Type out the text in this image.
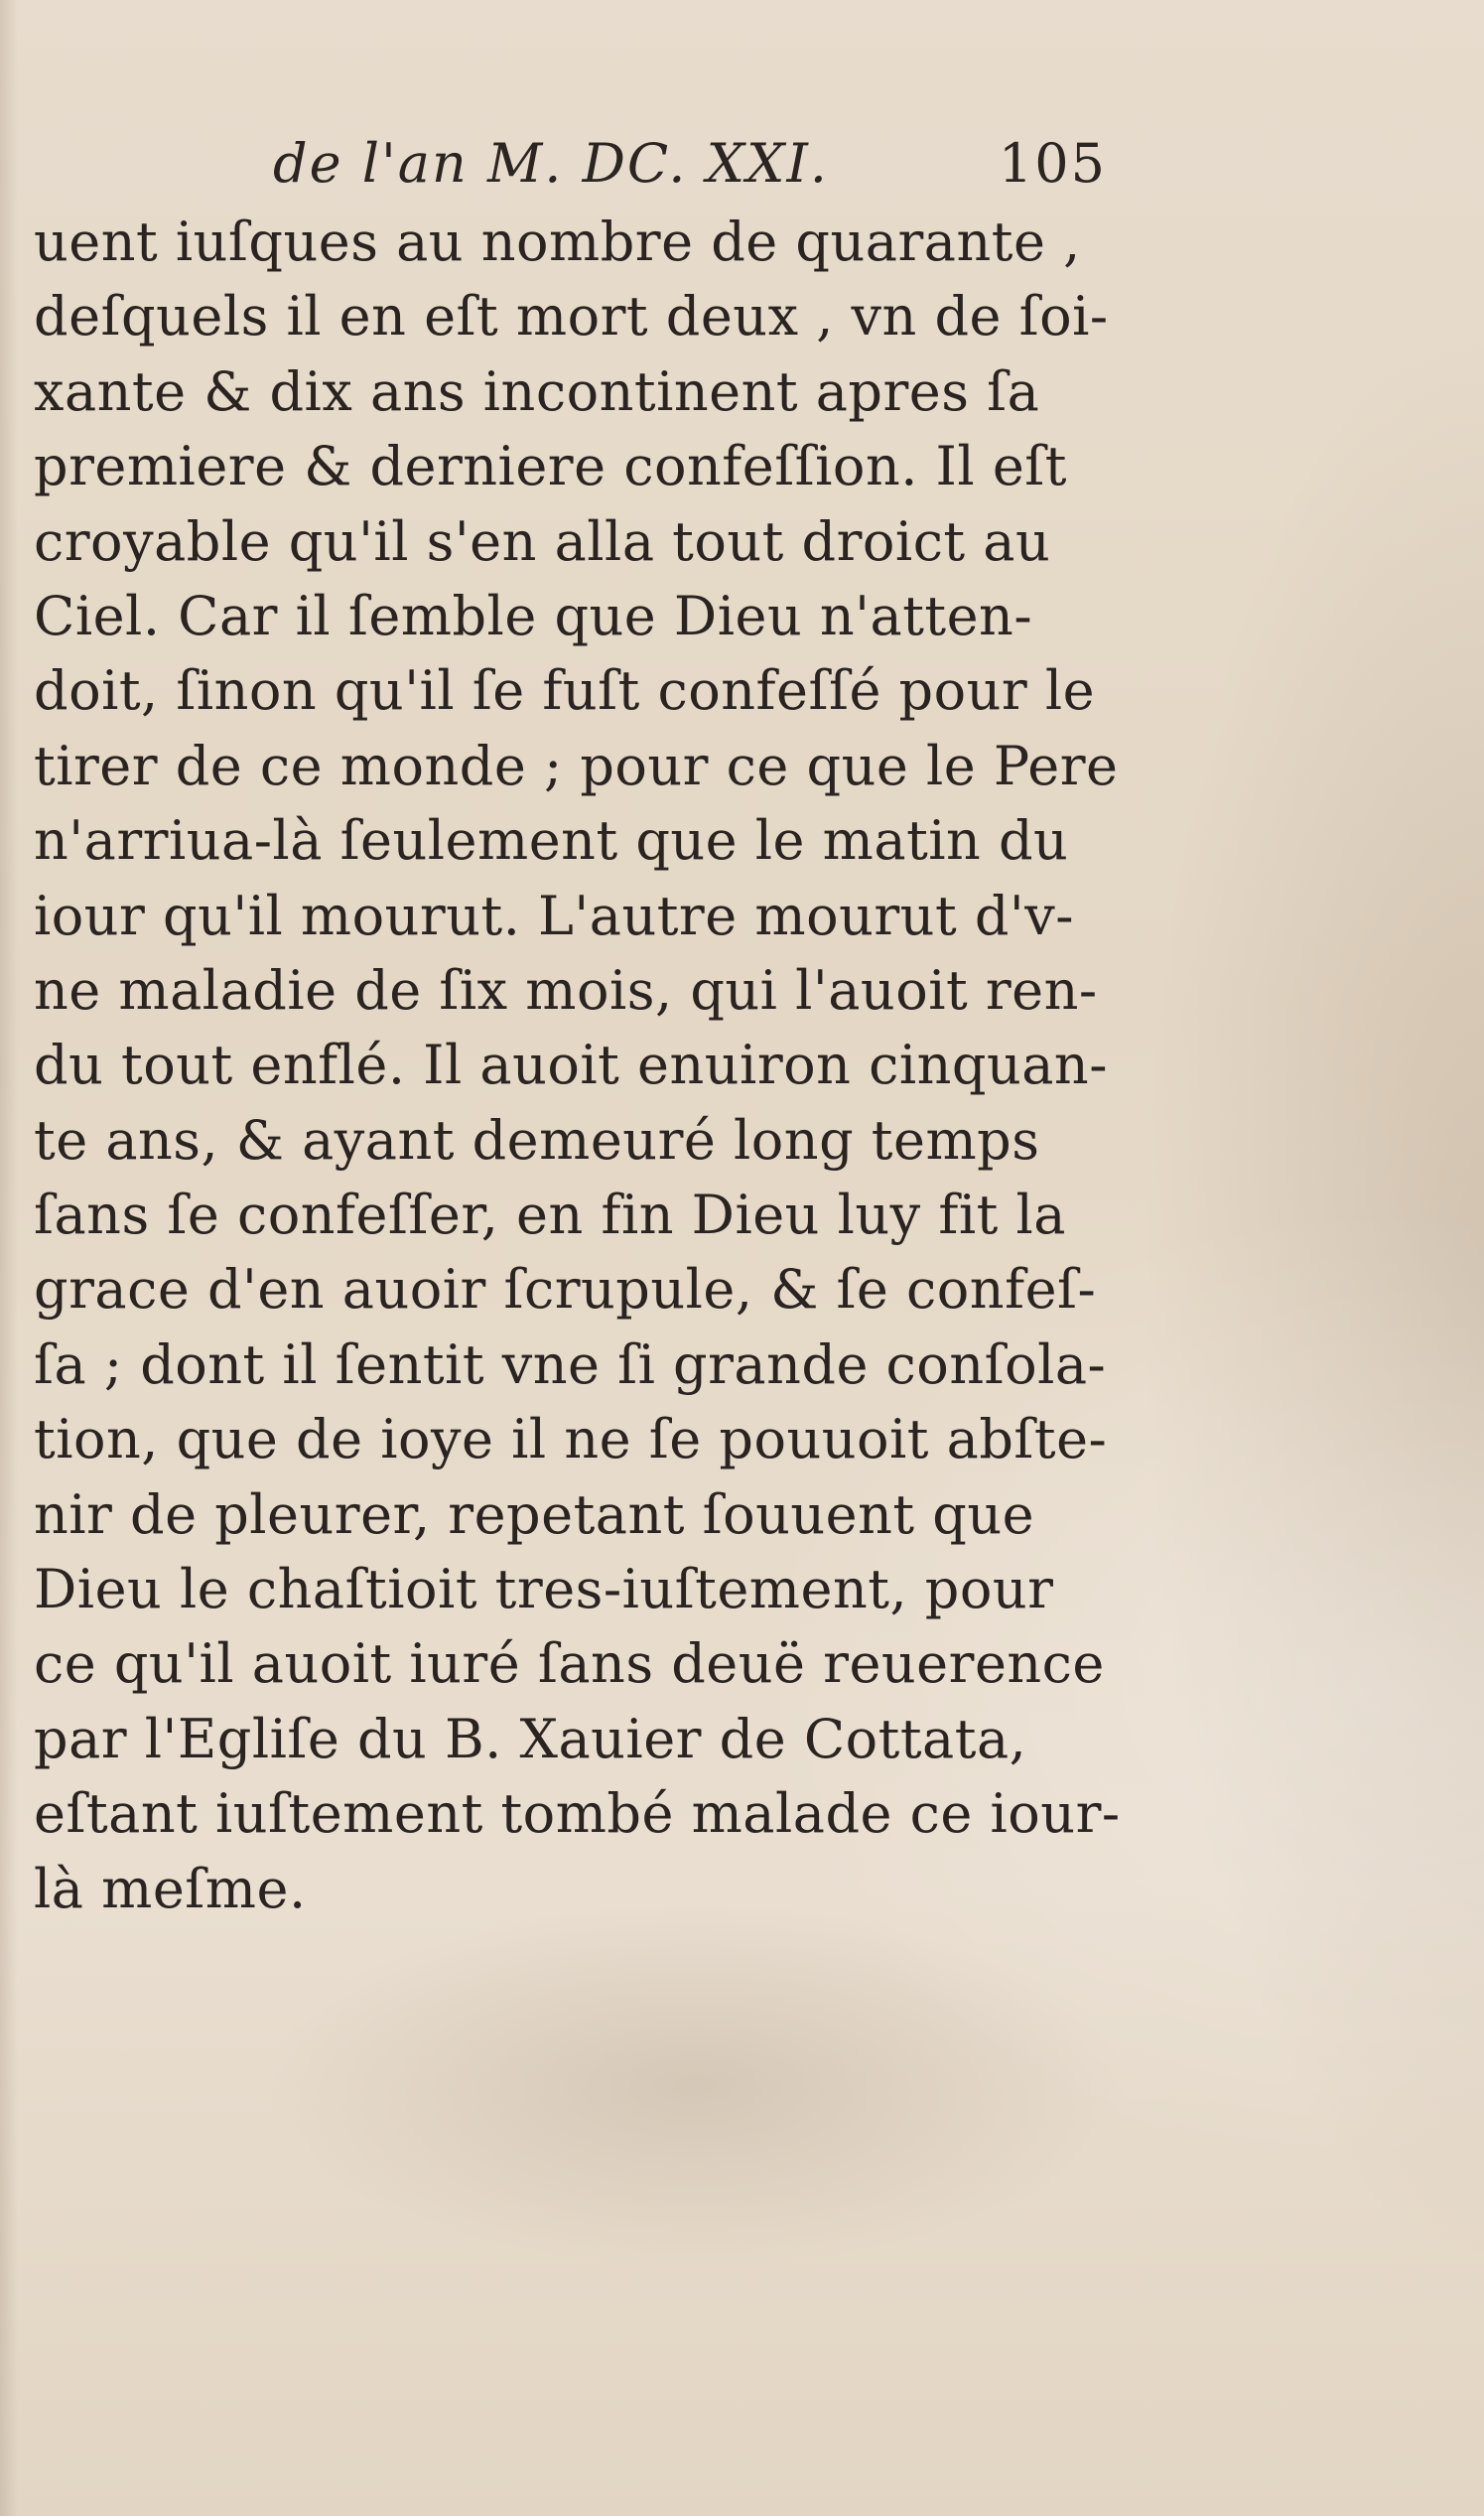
de l'an M. DC. XXI.	105
uent iuſques au nombre de quarante ,
deſquels il en eſt mort deux , vn de ſoi-
xante & dix ans incontinent apres ſa
premiere & derniere confeſſion. Il eſt
croyable qu'il s'en alla tout droict au
Ciel. Car il ſemble que Dieu n'atten-
doit, ſinon qu'il ſe fuſt confeſſé pour le
tirer de ce monde ; pour ce que le Pere
n'arriua-là ſeulement que le matin du
iour qu'il mourut. L'autre mourut d'v-
ne maladie de ſix mois, qui l'auoit ren-
du tout enflé. Il auoit enuiron cinquan-
te ans, & ayant demeuré long temps
ſans ſe confeſſer, en fin Dieu luy fit la
grace d'en auoir ſcrupule, & ſe confeſ-
ſa ; dont il ſentit vne ſi grande conſola-
tion, que de ioye il ne ſe pouuoit abſte-
nir de pleurer, repetant ſouuent que
Dieu le chaſtioit tres-iuſtement, pour
ce qu'il auoit iuré ſans deuë reuerence
par l'Egliſe du B. Xauier de Cottata,
eſtant iuſtement tombé malade ce iour-
là meſme.
